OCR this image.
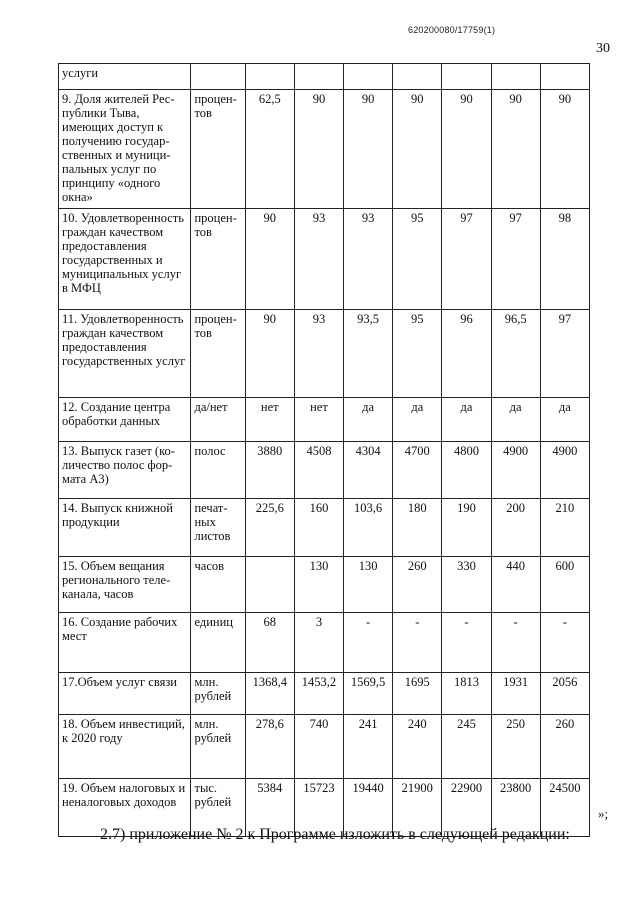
620200080/17759(1)
30
услуги								
9. Доля жителей Республики Тыва, имеющих доступ к получению государственных и муниципальных услуг по принципу «одного окна»	процентов	62,5	90	90	90	90	90	90
10. Удовлетворенность граждан качеством предоставления государственных и муниципальных услуг в МФЦ	процентов	90	93	93	95	97	97	98
11. Удовлетворенность граждан качеством предоставления государственных услуг	процентов	90	93	93,5	95	96	96,5	97
12. Создание центра обработки данных	да/нет	нет	нет	да	да	да	да	да
13. Выпуск газет (количество полос формата А3)	полос	3880	4508	4304	4700	4800	4900	4900
14. Выпуск книжной продукции	печатных листов	225,6	160	103,6	180	190	200	210
15. Объем вещания регионального телеканала, часов	часов		130	130	260	330	440	600
16. Создание рабочих мест	единиц	68	3	-	-	-	-	-
17.Объем услуг связи	млн. рублей	1368,4	1453,2	1569,5	1695	1813	1931	2056
18. Объем инвестиций, к 2020 году	млн. рублей	278,6	740	241	240	245	250	260
19. Объем налоговых и неналоговых доходов	тыс. рублей	5384	15723	19440	21900	22900	23800	24500
»;
2.7) приложение № 2 к Программе изложить в следующей редакции:
